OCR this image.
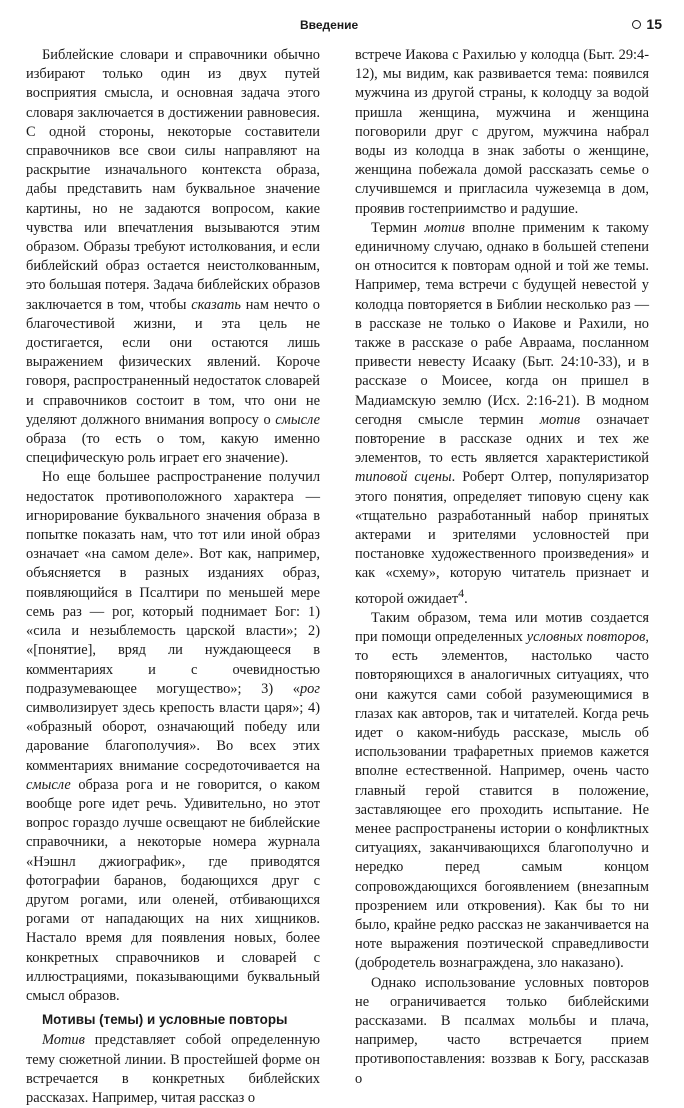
Введение	15

Библейские словари и справочники обычно избирают только один из двух путей восприятия смысла, и основная задача этого словаря заключается в достижении равновесия. С одной стороны, некоторые составители справочников все свои силы направляют на раскрытие изначального контекста образа, дабы представить нам буквальное значение картины, но не задаются вопросом, какие чувства или впечатления вызываются этим образом. Образы требуют истолкования, и если библейский образ остается неистолкованным, это большая потеря. Задача библейских образов заключается в том, чтобы сказать нам нечто о благочестивой жизни, и эта цель не достигается, если они остаются лишь выражением физических явлений. Короче говоря, распространенный недостаток словарей и справочников состоит в том, что они не уделяют должного внимания вопросу о смысле образа (то есть о том, какую именно специфическую роль играет его значение).

Но еще большее распространение получил недостаток противоположного характера — игнорирование буквального значения образа в попытке показать нам, что тот или иной образ означает «на самом деле». Вот как, например, объясняется в разных изданиях образ, появляющийся в Псалтири по меньшей мере семь раз — рог, который поднимает Бог: 1) «сила и незыблемость царской власти»; 2) «[понятие], вряд ли нуждающееся в комментариях и с очевидностью подразумевающее могущество»; 3) «рог символизирует здесь крепость власти царя»; 4) «образный оборот, означающий победу или дарование благополучия». Во всех этих комментариях внимание сосредоточивается на смысле образа рога и не говорится, о каком вообще роге идет речь. Удивительно, но этот вопрос гораздо лучше освещают не библейские справочники, а некоторые номера журнала «Нэшнл джиографик», где приводятся фотографии баранов, бодающихся друг с другом рогами, или оленей, отбивающихся рогами от нападающих на них хищников. Настало время для появления новых, более конкретных справочников и словарей с иллюстрациями, показывающими буквальный смысл образов.

Мотивы (темы) и условные повторы

Мотив представляет собой определенную тему сюжетной линии. В простейшей форме он встречается в конкретных библейских рассказах. Например, читая рассказ о

встрече Иакова с Рахилью у колодца (Быт. 29:4-12), мы видим, как развивается тема: появился мужчина из другой страны, к колодцу за водой пришла женщина, мужчина и женщина поговорили друг с другом, мужчина набрал воды из колодца в знак заботы о женщине, женщина побежала домой рассказать семье о случившемся и пригласила чужеземца в дом, проявив гостеприимство и радушие.

Термин мотив вполне применим к такому единичному случаю, однако в большей степени он относится к повторам одной и той же темы. Например, тема встречи с будущей невестой у колодца повторяется в Библии несколько раз — в рассказе не только о Иакове и Рахили, но также в рассказе о рабе Авраама, посланном привести невесту Исааку (Быт. 24:10-33), и в рассказе о Моисее, когда он пришел в Мадиамскую землю (Исх. 2:16-21). В модном сегодня смысле термин мотив означает повторение в рассказе одних и тех же элементов, то есть является характеристикой типовой сцены. Роберт Олтер, популяризатор этого понятия, определяет типовую сцену как «тщательно разработанный набор принятых актерами и зрителями условностей при постановке художественного произведения» и как «схему», которую читатель признает и которой ожидает$^4$.

Таким образом, тема или мотив создается при помощи определенных условных повторов, то есть элементов, настолько часто повторяющихся в аналогичных ситуациях, что они кажутся сами собой разумеющимися в глазах как авторов, так и читателей. Когда речь идет о каком-нибудь рассказе, мысль об использовании трафаретных приемов кажется вполне естественной. Например, очень часто главный герой ставится в положение, заставляющее его проходить испытание. Не менее распространены истории о конфликтных ситуациях, заканчивающихся благополучно и нередко перед самым концом сопровождающихся богоявлением (внезапным прозрением или откровения). Как бы то ни было, крайне редко рассказ не заканчивается на ноте выражения поэтической справедливости (добродетель вознаграждена, зло наказано).

Однако использование условных повторов не ограничивается только библейскими рассказами. В псалмах мольбы и плача, например, часто встречается прием противопоставления: воззвав к Богу, рассказав о
